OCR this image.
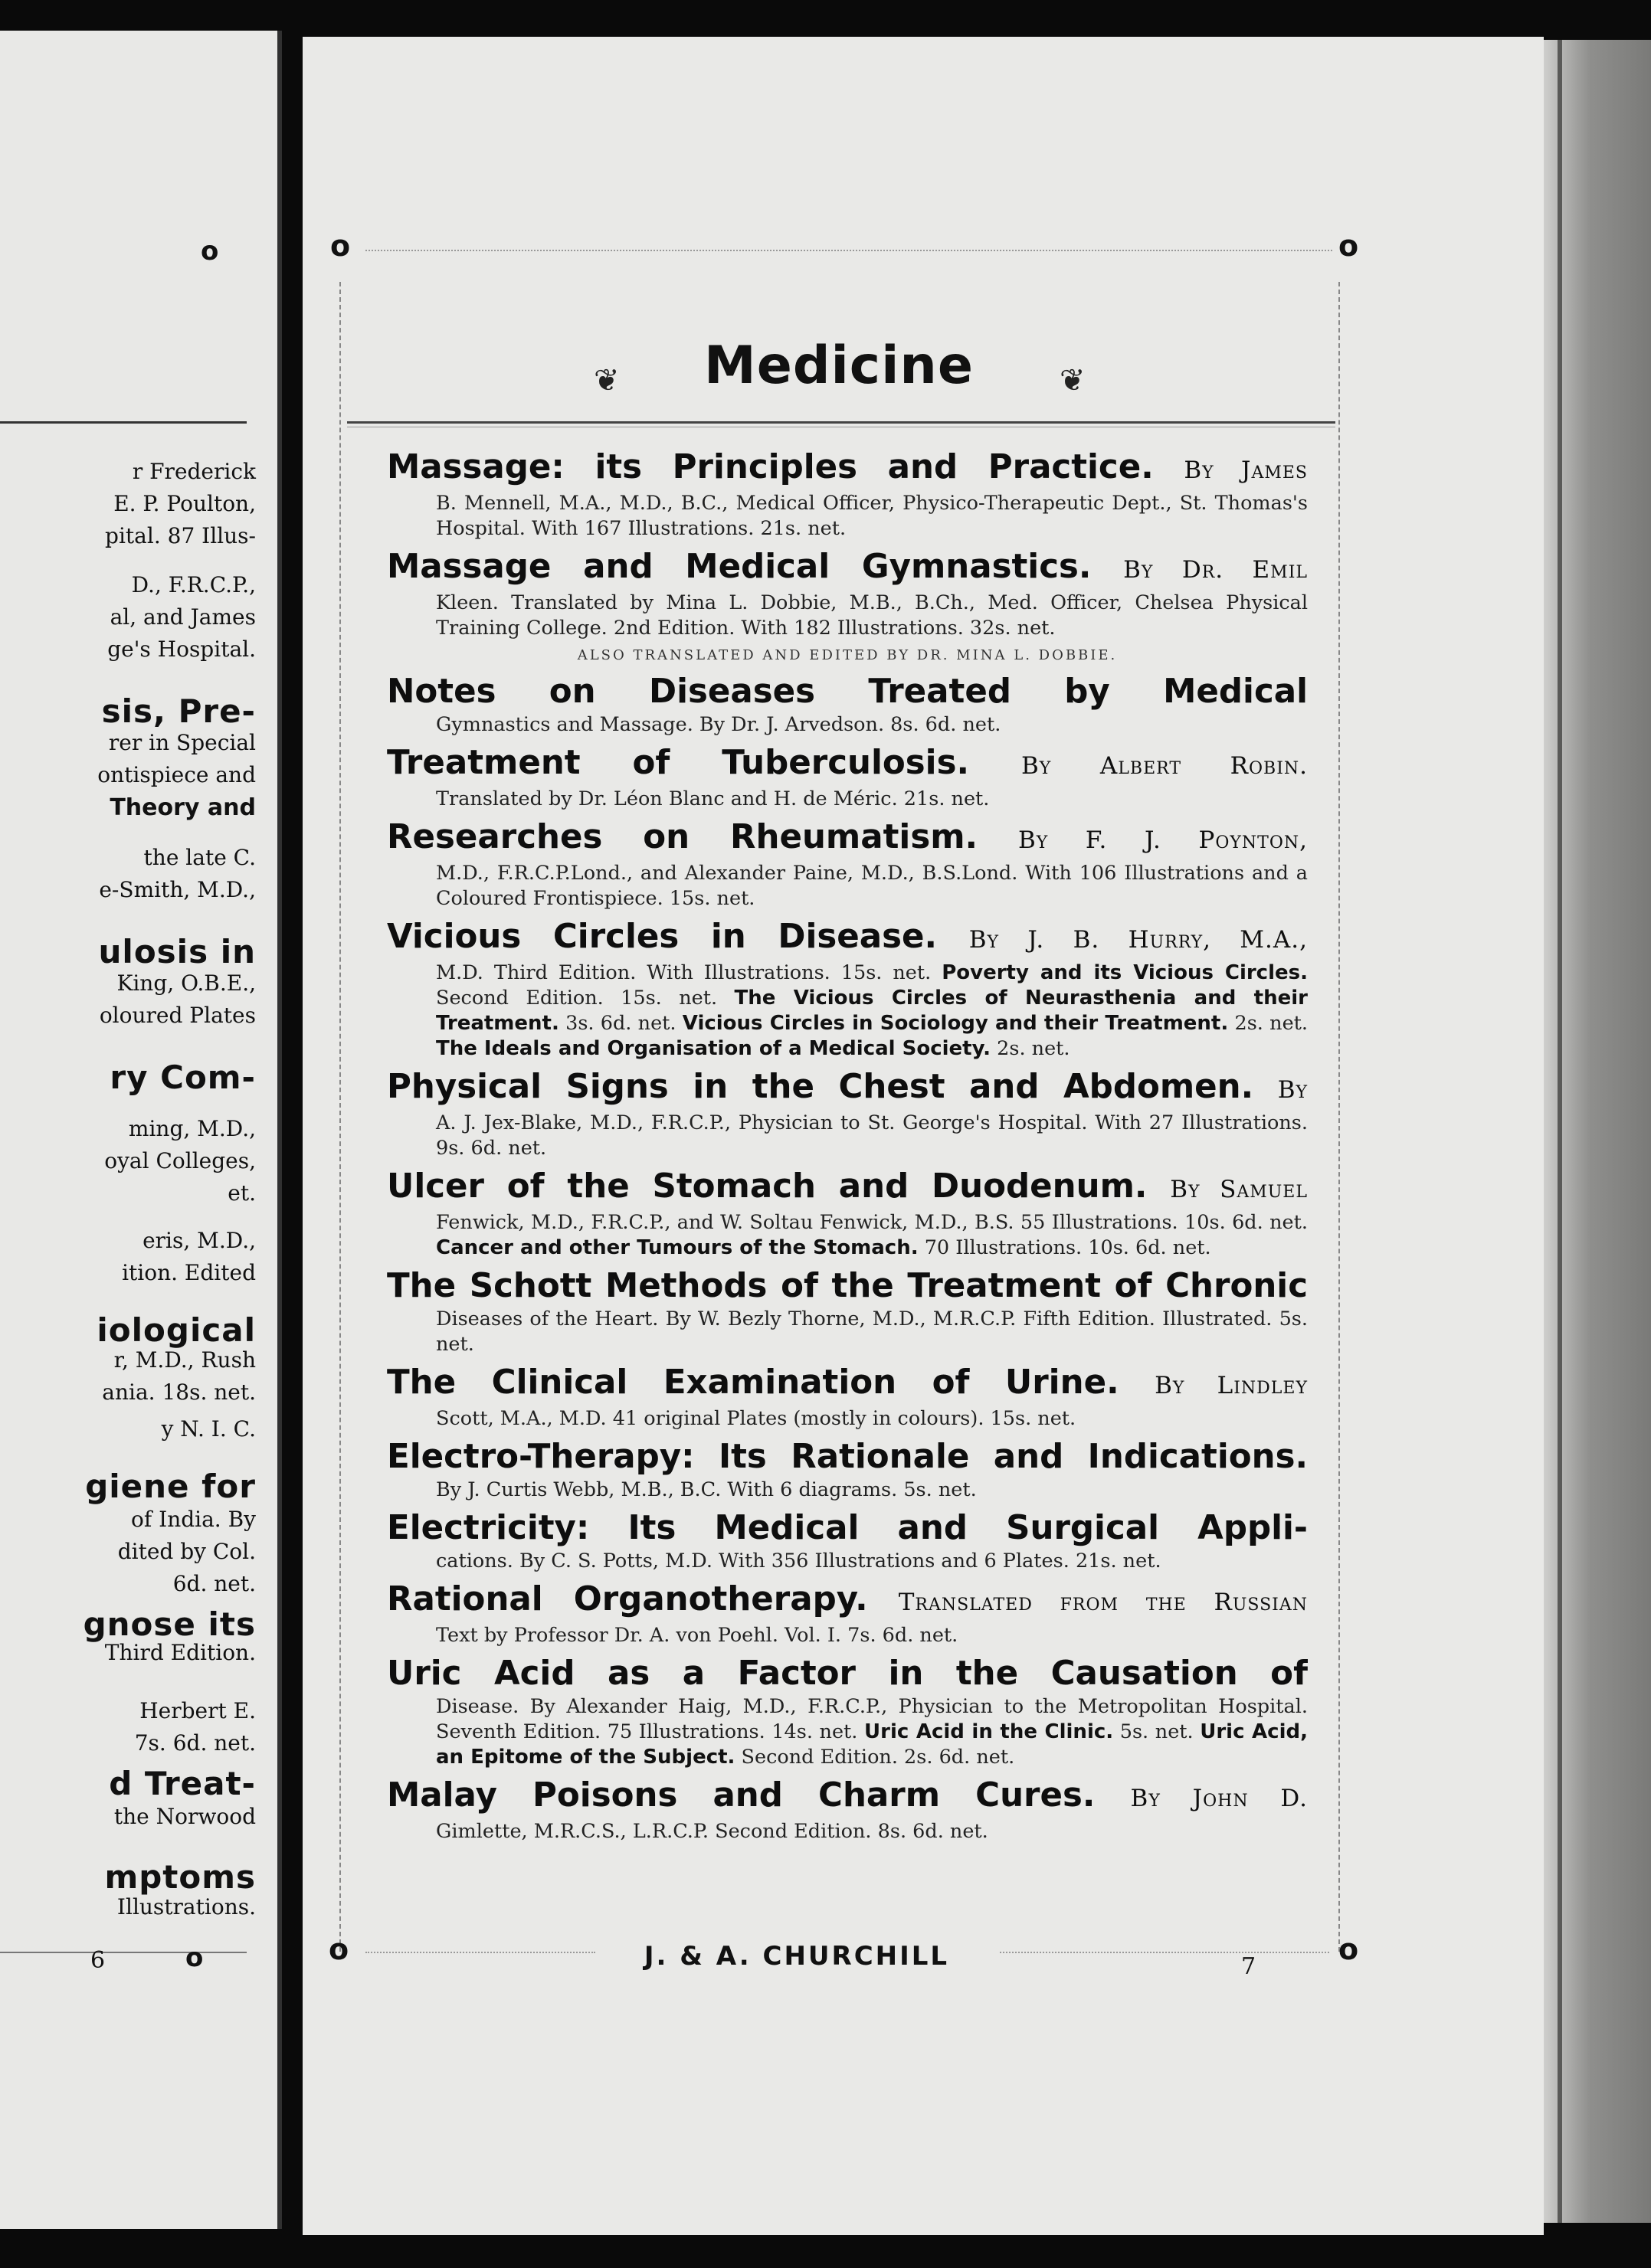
o
o
r Frederick
E. P. Poulton,
pital. 87 Illus-
D., F.R.C.P.,
al, and James
ge's Hospital.
sis, Pre-
rer in Special
ontispiece and
Theory and
the late C.
e-Smith, M.D.,
ulosis in
King, O.B.E.,
oloured Plates
ry Com-
ming, M.D.,
oyal Colleges,
et.
eris, M.D.,
ition. Edited
iological
r, M.D., Rush
ania. 18s. net.
y N. I. C.
giene for
of India. By
dited by Col.
6d. net.
gnose its
Third Edition.
Herbert E.
7s. 6d. net.
d Treat-
the Norwood
mptoms
Illustrations.
6
o	o
❦ Medicine	❦
Massage: its Principles and Practice. By James
B. Mennell, M.A., M.D., B.C., Medical Officer, Physico-Therapeutic Dept., St. Thomas's Hospital. With 167 Illustrations. 21s. net.
Massage and Medical Gymnastics. By Dr. Emil
Kleen. Translated by Mina L. Dobbie, M.B., B.Ch., Med. Officer, Chelsea Physical Training College. 2nd Edition. With 182 Illustrations. 32s. net.
ALSO TRANSLATED AND EDITED BY DR. MINA L. DOBBIE.
Notes on Diseases Treated by Medical
Gymnastics and Massage. By Dr. J. Arvedson. 8s. 6d. net.
Treatment of Tuberculosis. By Albert Robin.
Translated by Dr. Léon Blanc and H. de Méric. 21s. net.
Researches on Rheumatism. By F. J. Poynton,
M.D., F.R.C.P.Lond., and Alexander Paine, M.D., B.S.Lond. With 106 Illustrations and a Coloured Frontispiece. 15s. net.
Vicious Circles in Disease. By J. B. Hurry, M.A.,
M.D. Third Edition. With Illustrations. 15s. net. Poverty and its Vicious Circles. Second Edition. 15s. net. The Vicious Circles of Neurasthenia and their Treatment. 3s. 6d. net. Vicious Circles in Sociology and their Treatment. 2s. net. The Ideals and Organisation of a Medical Society. 2s. net.
Physical Signs in the Chest and Abdomen. By
A. J. Jex-Blake, M.D., F.R.C.P., Physician to St. George's Hospital. With 27 Illustrations. 9s. 6d. net.
Ulcer of the Stomach and Duodenum. By Samuel
Fenwick, M.D., F.R.C.P., and W. Soltau Fenwick, M.D., B.S. 55 Illustrations. 10s. 6d. net. Cancer and other Tumours of the Stomach. 70 Illustrations. 10s. 6d. net.
The Schott Methods of the Treatment of Chronic
Diseases of the Heart. By W. Bezly Thorne, M.D., M.R.C.P. Fifth Edition. Illustrated. 5s. net.
The Clinical Examination of Urine. By Lindley
Scott, M.A., M.D. 41 original Plates (mostly in colours). 15s. net.
Electro-Therapy: Its Rationale and Indications.
By J. Curtis Webb, M.B., B.C. With 6 diagrams. 5s. net.
Electricity: Its Medical and Surgical Appli-
cations. By C. S. Potts, M.D. With 356 Illustrations and 6 Plates. 21s. net.
Rational Organotherapy. Translated from the Russian
Text by Professor Dr. A. von Poehl. Vol. I. 7s. 6d. net.
Uric Acid as a Factor in the Causation of
Disease. By Alexander Haig, M.D., F.R.C.P., Physician to the Metropolitan Hospital. Seventh Edition. 75 Illustrations. 14s. net. Uric Acid in the Clinic. 5s. net. Uric Acid, an Epitome of the Subject. Second Edition. 2s. 6d. net.
Malay Poisons and Charm Cures. By John D.
Gimlette, M.R.C.S., L.R.C.P. Second Edition. 8s. 6d. net.
o	o
J. & A. CHURCHILL	7
